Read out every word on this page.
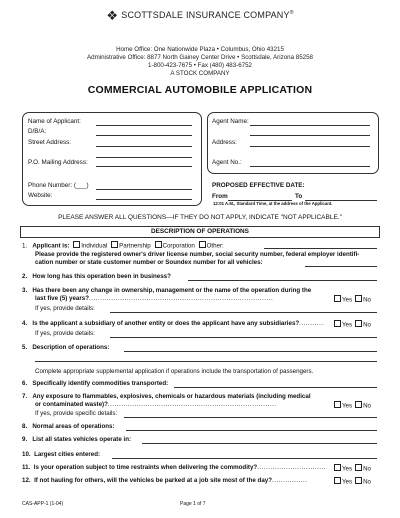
❖ SCOTTSDALE INSURANCE COMPANY®
Home Office: One Nationwide Plaza • Columbus, Ohio 43215
Administrative Office: 8877 North Gainey Center Drive • Scottsdale, Arizona 85258
1-800-423-7675 • Fax (480) 483-6752
A STOCK COMPANY
COMMERCIAL AUTOMOBILE APPLICATION
Name of Applicant:
D/B/A:
Street Address:
P.O. Mailing Address:
Phone Number: (___)
Website:
Agent Name:
Address:
Agent No.:
PROPOSED EFFECTIVE DATE:
From	To
12:01 A.M., Standard Time, at the address of the Applicant.
PLEASE ANSWER ALL QUESTIONS—IF THEY DO NOT APPLY, INDICATE "NOT APPLICABLE."
DESCRIPTION OF OPERATIONS
1. Applicant is: Individual Partnership Corporation Other:
Please provide the registered owner's driver license number, social security number, federal employer identifi-
cation number or state customer number or Soundex number for all vehicles:
2. How long has this operation been in business?
3. Has there been any change in ownership, management or the name of the operation during the
last five (5) years?...................................................................................	Yes No
If yes, provide details:
4. Is the applicant a subsidiary of another entity or does the applicant have any subsidiaries?...........	Yes No
If yes, provide details:
5. Description of operations:
Complete appropriate supplemental application if operations include the transportation of passengers.
6. Specifically identify commodities transported:
7. Any exposure to flammables, explosives, chemicals or hazardous materials (including medical
or contaminated waste)?............................................................................	Yes No
If yes, provide specific details:
8. Normal areas of operations:
9. List all states vehicles operate in:
10. Largest cities entered:
11. Is your operation subject to time restraints when delivering the commodity?...............................	Yes No
12. If not hauling for others, will the vehicles be parked at a job site most of the day?................	Yes No
CAS-APP-1 (1-04)	Page 1 of 7
